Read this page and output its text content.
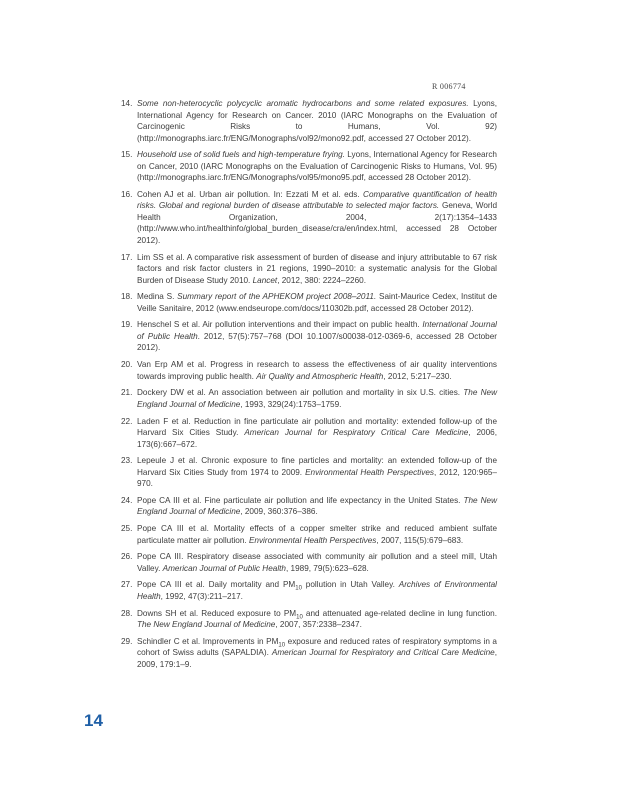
R 006774
14. Some non-heterocyclic polycyclic aromatic hydrocarbons and some related exposures. Lyons, International Agency for Research on Cancer. 2010 (IARC Monographs on the Evaluation of Carcinogenic Risks to Humans, Vol. 92) (http://monographs.iarc.fr/ENG/Monographs/vol92/mono92.pdf, accessed 27 October 2012).
15. Household use of solid fuels and high-temperature frying. Lyons, International Agency for Research on Cancer, 2010 (IARC Monographs on the Evaluation of Carcinogenic Risks to Humans, Vol. 95) (http://monographs.iarc.fr/ENG/Monographs/vol95/mono95.pdf, accessed 28 October 2012).
16. Cohen AJ et al. Urban air pollution. In: Ezzati M et al. eds. Comparative quantification of health risks. Global and regional burden of disease attributable to selected major factors. Geneva, World Health Organization, 2004, 2(17):1354–1433 (http://www.who.int/healthinfo/global_burden_disease/cra/en/index.html, accessed 28 October 2012).
17. Lim SS et al. A comparative risk assessment of burden of disease and injury attributable to 67 risk factors and risk factor clusters in 21 regions, 1990–2010: a systematic analysis for the Global Burden of Disease Study 2010. Lancet, 2012, 380: 2224–2260.
18. Medina S. Summary report of the APHEKOM project 2008–2011. Saint-Maurice Cedex, Institut de Veille Sanitaire, 2012 (www.endseurope.com/docs/110302b.pdf, accessed 28 October 2012).
19. Henschel S et al. Air pollution interventions and their impact on public health. International Journal of Public Health. 2012, 57(5):757–768 (DOI 10.1007/s00038-012-0369-6, accessed 28 October 2012).
20. Van Erp AM et al. Progress in research to assess the effectiveness of air quality interventions towards improving public health. Air Quality and Atmospheric Health, 2012, 5:217–230.
21. Dockery DW et al. An association between air pollution and mortality in six U.S. cities. The New England Journal of Medicine, 1993, 329(24):1753–1759.
22. Laden F et al. Reduction in fine particulate air pollution and mortality: extended follow-up of the Harvard Six Cities Study. American Journal for Respiratory Critical Care Medicine, 2006, 173(6):667–672.
23. Lepeule J et al. Chronic exposure to fine particles and mortality: an extended follow-up of the Harvard Six Cities Study from 1974 to 2009. Environmental Health Perspectives, 2012, 120:965–970.
24. Pope CA III et al. Fine particulate air pollution and life expectancy in the United States. The New England Journal of Medicine, 2009, 360:376–386.
25. Pope CA III et al. Mortality effects of a copper smelter strike and reduced ambient sulfate particulate matter air pollution. Environmental Health Perspectives, 2007, 115(5):679–683.
26. Pope CA III. Respiratory disease associated with community air pollution and a steel mill, Utah Valley. American Journal of Public Health, 1989, 79(5):623–628.
27. Pope CA III et al. Daily mortality and $PM_{10}$ pollution in Utah Valley. Archives of Environmental Health, 1992, 47(3):211–217.
28. Downs SH et al. Reduced exposure to $PM_{10}$ and attenuated age-related decline in lung function. The New England Journal of Medicine, 2007, 357:2338–2347.
29. Schindler C et al. Improvements in $PM_{10}$ exposure and reduced rates of respiratory symptoms in a cohort of Swiss adults (SAPALDIA). American Journal for Respiratory and Critical Care Medicine, 2009, 179:1–9.
14
